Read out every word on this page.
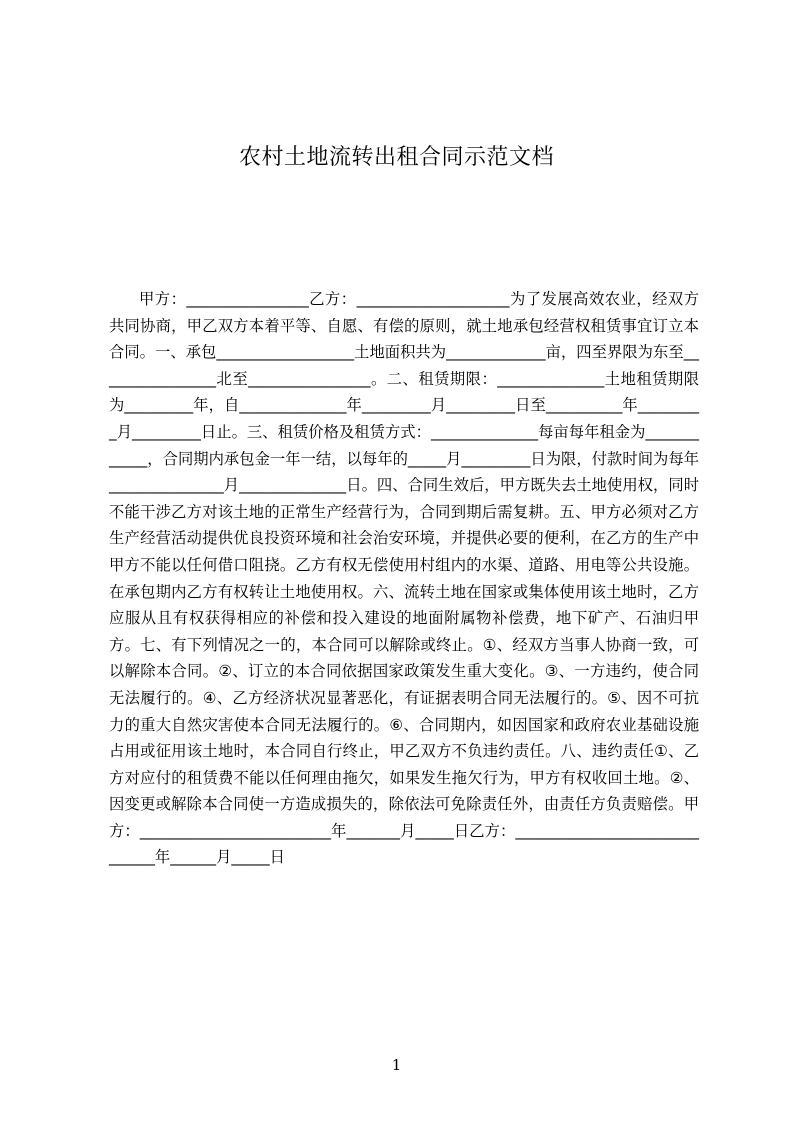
农村土地流转出租合同示范文档

甲方：________________乙方：____________________为了发展高效农业，经双方共同协商，甲乙双方本着平等、自愿、有偿的原则，就土地承包经营权租赁事宜订立本合同。一、承包__________________土地面积共为_____________亩，四至界限为东至________________北至________________。二、租赁期限：______________土地租赁期限为_________年，自______________年_________月_________日至__________年_________月_________日止。三、租赁价格及租赁方式：______________每亩每年租金为____________，合同期内承包金一年一结，以每年的_____月_________日为限，付款时间为每年_______________月______________日。四、合同生效后，甲方既失去土地使用权，同时不能干涉乙方对该土地的正常生产经营行为，合同到期后需复耕。五、甲方必须对乙方生产经营活动提供优良投资环境和社会治安环境，并提供必要的便利，在乙方的生产中甲方不能以任何借口阻挠。乙方有权无偿使用村组内的水渠、道路、用电等公共设施。在承包期内乙方有权转让土地使用权。六、流转土地在国家或集体使用该土地时，乙方应服从且有权获得相应的补偿和投入建设的地面附属物补偿费，地下矿产、石油归甲方。七、有下列情况之一的，本合同可以解除或终止。①、经双方当事人协商一致，可以解除本合同。②、订立的本合同依据国家政策发生重大变化。③、一方违约，使合同无法履行的。④、乙方经济状况显著恶化，有证据表明合同无法履行的。⑤、因不可抗力的重大自然灾害使本合同无法履行的。⑥、合同期内，如因国家和政府农业基础设施占用或征用该土地时，本合同自行终止，甲乙双方不负违约责任。八、违约责任①、乙方对应付的租赁费不能以任何理由拖欠，如果发生拖欠行为，甲方有权收回土地。②、因变更或解除本合同使一方造成损失的，除依法可免除责任外，由责任方负责赔偿。甲方：_________________________年_______月_____日乙方：______________________________年______月_____日

1
